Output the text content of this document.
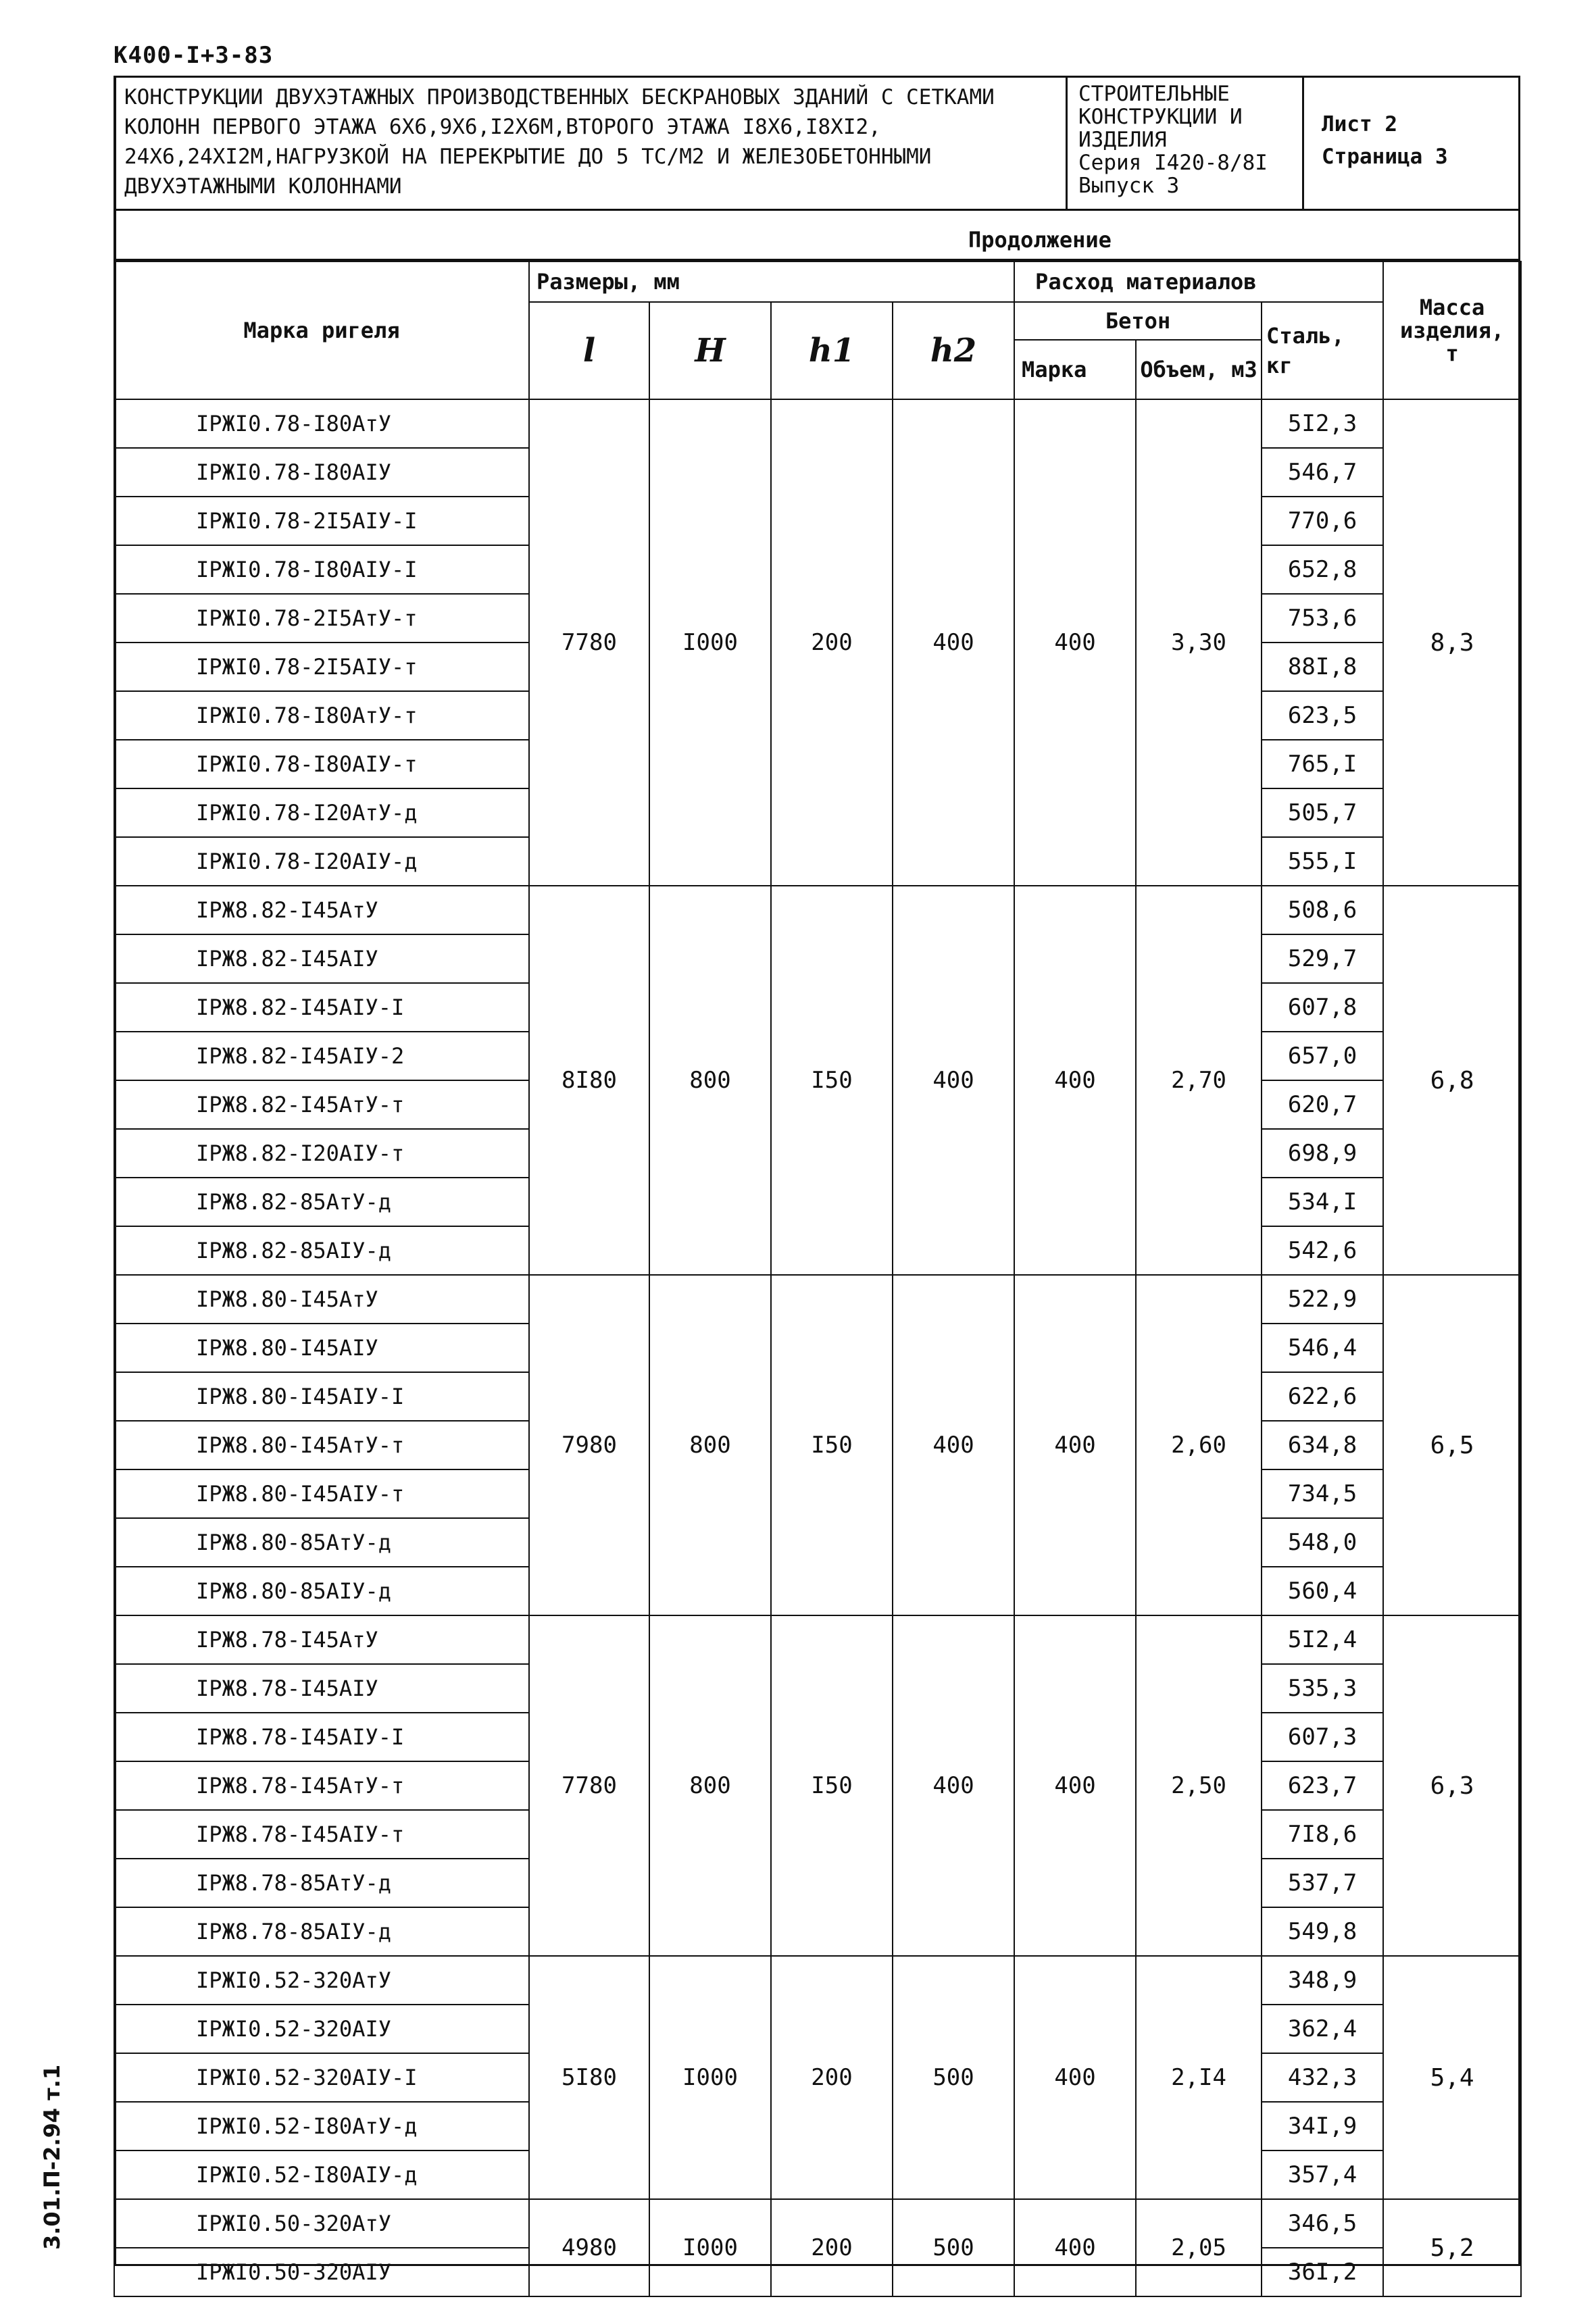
К400-I+3-83
3.01.П-2.94 т.1
КОНСТРУКЦИИ ДВУХЭТАЖНЫХ ПРОИЗВОДСТВЕННЫХ БЕСКРАНОВЫХ ЗДАНИЙ С СЕТКАМИ КОЛОНН ПЕРВОГО ЭТАЖА 6Х6,9Х6,I2Х6М,ВТОРОГО ЭТАЖА I8Х6,I8ХI2, 24Х6,24ХI2М,НАГРУЗКОЙ НА ПЕРЕКРЫТИЕ ДО 5 ТС/М2 И ЖЕЛЕЗОБЕТОННЫМИ ДВУХЭТАЖНЫМИ КОЛОННАМИ
СТРОИТЕЛЬНЫЕ
КОНСТРУКЦИИ И
ИЗДЕЛИЯ
Серия I420-8/8I
Выпуск 3
Лист 2
Страница 3
Продолжение
Марка ригеля	Размеры, мм				Расход материалов			Масса изделия, т
	l	H	h1	h2	Бетон		Сталь, кг	
					Марка	Объем, м3		
IPЖI0.78-I80AтУ	7780	I000	200	400	400	3,30	5I2,3	8,3
IPЖI0.78-I80AIУ							546,7	
IPЖI0.78-2I5AIУ-I							770,6	
IPЖI0.78-I80AIУ-I							652,8	
IPЖI0.78-2I5AтУ-т							753,6	
IPЖI0.78-2I5AIУ-т							88I,8	
IPЖI0.78-I80AтУ-т							623,5	
IPЖI0.78-I80AIУ-т							765,I	
IPЖI0.78-I20AтУ-д							505,7	
IPЖI0.78-I20AIУ-д							555,I	
IPЖ8.82-I45AтУ	8I80	800	I50	400	400	2,70	508,6	6,8
IPЖ8.82-I45AIУ							529,7	
IPЖ8.82-I45AIУ-I							607,8	
IPЖ8.82-I45AIУ-2							657,0	
IPЖ8.82-I45AтУ-т							620,7	
IPЖ8.82-I20AIУ-т							698,9	
IPЖ8.82-85AтУ-д							534,I	
IPЖ8.82-85AIУ-д							542,6	
IPЖ8.80-I45AтУ	7980	800	I50	400	400	2,60	522,9	6,5
IPЖ8.80-I45AIУ							546,4	
IPЖ8.80-I45AIУ-I							622,6	
IPЖ8.80-I45AтУ-т							634,8	
IPЖ8.80-I45AIУ-т							734,5	
IPЖ8.80-85AтУ-д							548,0	
IPЖ8.80-85AIУ-д							560,4	
IPЖ8.78-I45AтУ	7780	800	I50	400	400	2,50	5I2,4	6,3
IPЖ8.78-I45AIУ							535,3	
IPЖ8.78-I45AIУ-I							607,3	
IPЖ8.78-I45AтУ-т							623,7	
IPЖ8.78-I45AIУ-т							7I8,6	
IPЖ8.78-85AтУ-д							537,7	
IPЖ8.78-85AIУ-д							549,8	
IPЖI0.52-320AтУ	5I80	I000	200	500	400	2,I4	348,9	5,4
IPЖI0.52-320AIУ							362,4	
IPЖI0.52-320AIУ-I							432,3	
IPЖI0.52-I80AтУ-д							34I,9	
IPЖI0.52-I80AIУ-д							357,4	
IPЖI0.50-320AтУ	4980	I000	200	500	400	2,05	346,5	5,2
IPЖI0.50-320AIУ							36I,2	
